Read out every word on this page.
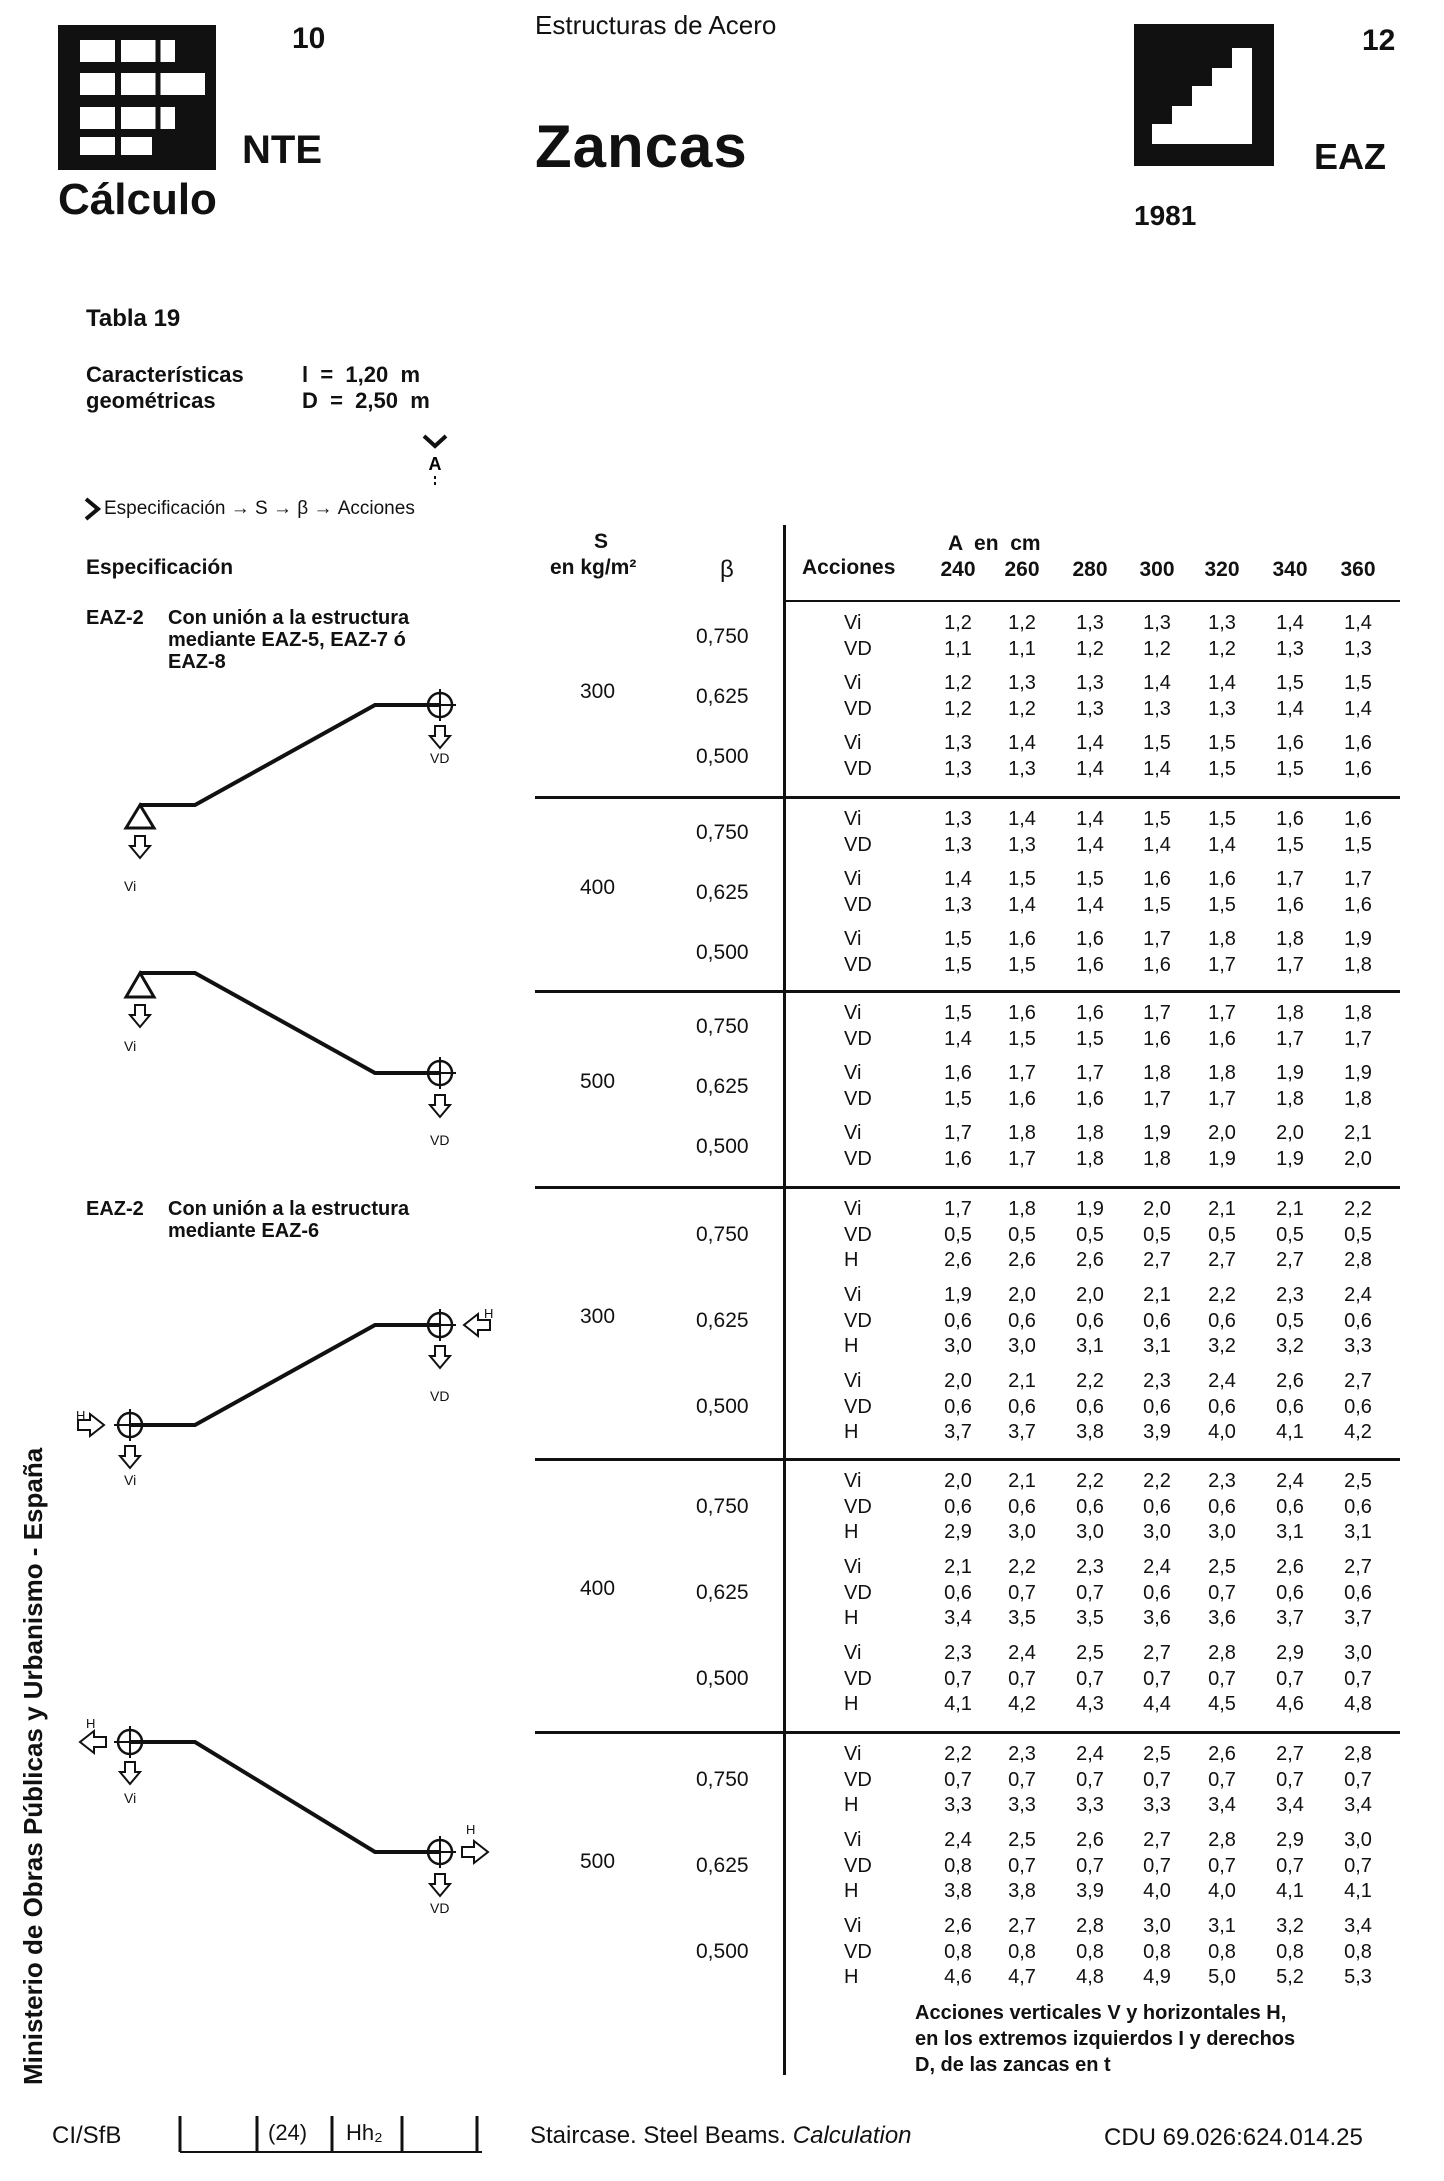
10
NTE
Cálculo
Estructuras de Acero
Zancas
12
EAZ
1981
Tabla 19
Características
geométricas
l  =  1,20  m
D  =  2,50  m
A
Especificación → S → β → Acciones
Especificación
S
en kg/m²	β	Acciones
A  en  cm
240	260	280	300	320	340	360
EAZ-2 Con unión a la estructura
mediante EAZ-5, EAZ-7 ó
EAZ-8
EAZ-2 Con unión a la estructura
mediante EAZ-6
VD
Vi
Vi
VD
H
VD
H
Vi
H
Vi
H
VD
300
0,750
Vi	1,2	1,2	1,3	1,3	1,3	1,4	1,4
VD	1,1	1,1	1,2	1,2	1,2	1,3	1,3
0,625
Vi	1,2	1,3	1,3	1,4	1,4	1,5	1,5
VD	1,2	1,2	1,3	1,3	1,3	1,4	1,4
0,500
Vi	1,3	1,4	1,4	1,5	1,5	1,6	1,6
VD	1,3	1,3	1,4	1,4	1,5	1,5	1,6
400
0,750
Vi	1,3	1,4	1,4	1,5	1,5	1,6	1,6
VD	1,3	1,3	1,4	1,4	1,4	1,5	1,5
0,625
Vi	1,4	1,5	1,5	1,6	1,6	1,7	1,7
VD	1,3	1,4	1,4	1,5	1,5	1,6	1,6
0,500
Vi	1,5	1,6	1,6	1,7	1,8	1,8	1,9
VD	1,5	1,5	1,6	1,6	1,7	1,7	1,8
500
0,750
Vi	1,5	1,6	1,6	1,7	1,7	1,8	1,8
VD	1,4	1,5	1,5	1,6	1,6	1,7	1,7
0,625
Vi	1,6	1,7	1,7	1,8	1,8	1,9	1,9
VD	1,5	1,6	1,6	1,7	1,7	1,8	1,8
0,500
Vi	1,7	1,8	1,8	1,9	2,0	2,0	2,1
VD	1,6	1,7	1,8	1,8	1,9	1,9	2,0
300
0,750
Vi	1,7	1,8	1,9	2,0	2,1	2,1	2,2
VD	0,5	0,5	0,5	0,5	0,5	0,5	0,5
H	2,6	2,6	2,6	2,7	2,7	2,7	2,8
0,625
Vi	1,9	2,0	2,0	2,1	2,2	2,3	2,4
VD	0,6	0,6	0,6	0,6	0,6	0,5	0,6
H	3,0	3,0	3,1	3,1	3,2	3,2	3,3
0,500
Vi	2,0	2,1	2,2	2,3	2,4	2,6	2,7
VD	0,6	0,6	0,6	0,6	0,6	0,6	0,6
H	3,7	3,7	3,8	3,9	4,0	4,1	4,2
400
0,750
Vi	2,0	2,1	2,2	2,2	2,3	2,4	2,5
VD	0,6	0,6	0,6	0,6	0,6	0,6	0,6
H	2,9	3,0	3,0	3,0	3,0	3,1	3,1
0,625
Vi	2,1	2,2	2,3	2,4	2,5	2,6	2,7
VD	0,6	0,7	0,7	0,6	0,7	0,6	0,6
H	3,4	3,5	3,5	3,6	3,6	3,7	3,7
0,500
Vi	2,3	2,4	2,5	2,7	2,8	2,9	3,0
VD	0,7	0,7	0,7	0,7	0,7	0,7	0,7
H	4,1	4,2	4,3	4,4	4,5	4,6	4,8
500
0,750
Vi	2,2	2,3	2,4	2,5	2,6	2,7	2,8
VD	0,7	0,7	0,7	0,7	0,7	0,7	0,7
H	3,3	3,3	3,3	3,3	3,4	3,4	3,4
0,625
Vi	2,4	2,5	2,6	2,7	2,8	2,9	3,0
VD	0,8	0,7	0,7	0,7	0,7	0,7	0,7
H	3,8	3,8	3,9	4,0	4,0	4,1	4,1
0,500
Vi	2,6	2,7	2,8	3,0	3,1	3,2	3,4
VD	0,8	0,8	0,8	0,8	0,8	0,8	0,8
H	4,6	4,7	4,8	4,9	5,0	5,2	5,3
Acciones verticales V y horizontales H,
en los extremos izquierdos I y derechos
D, de las zancas en t
Ministerio de Obras Públicas y Urbanismo - España
CI/SfB	(24) Hh₂	Staircase. Steel Beams. Calculation	CDU 69.026:624.014.25
